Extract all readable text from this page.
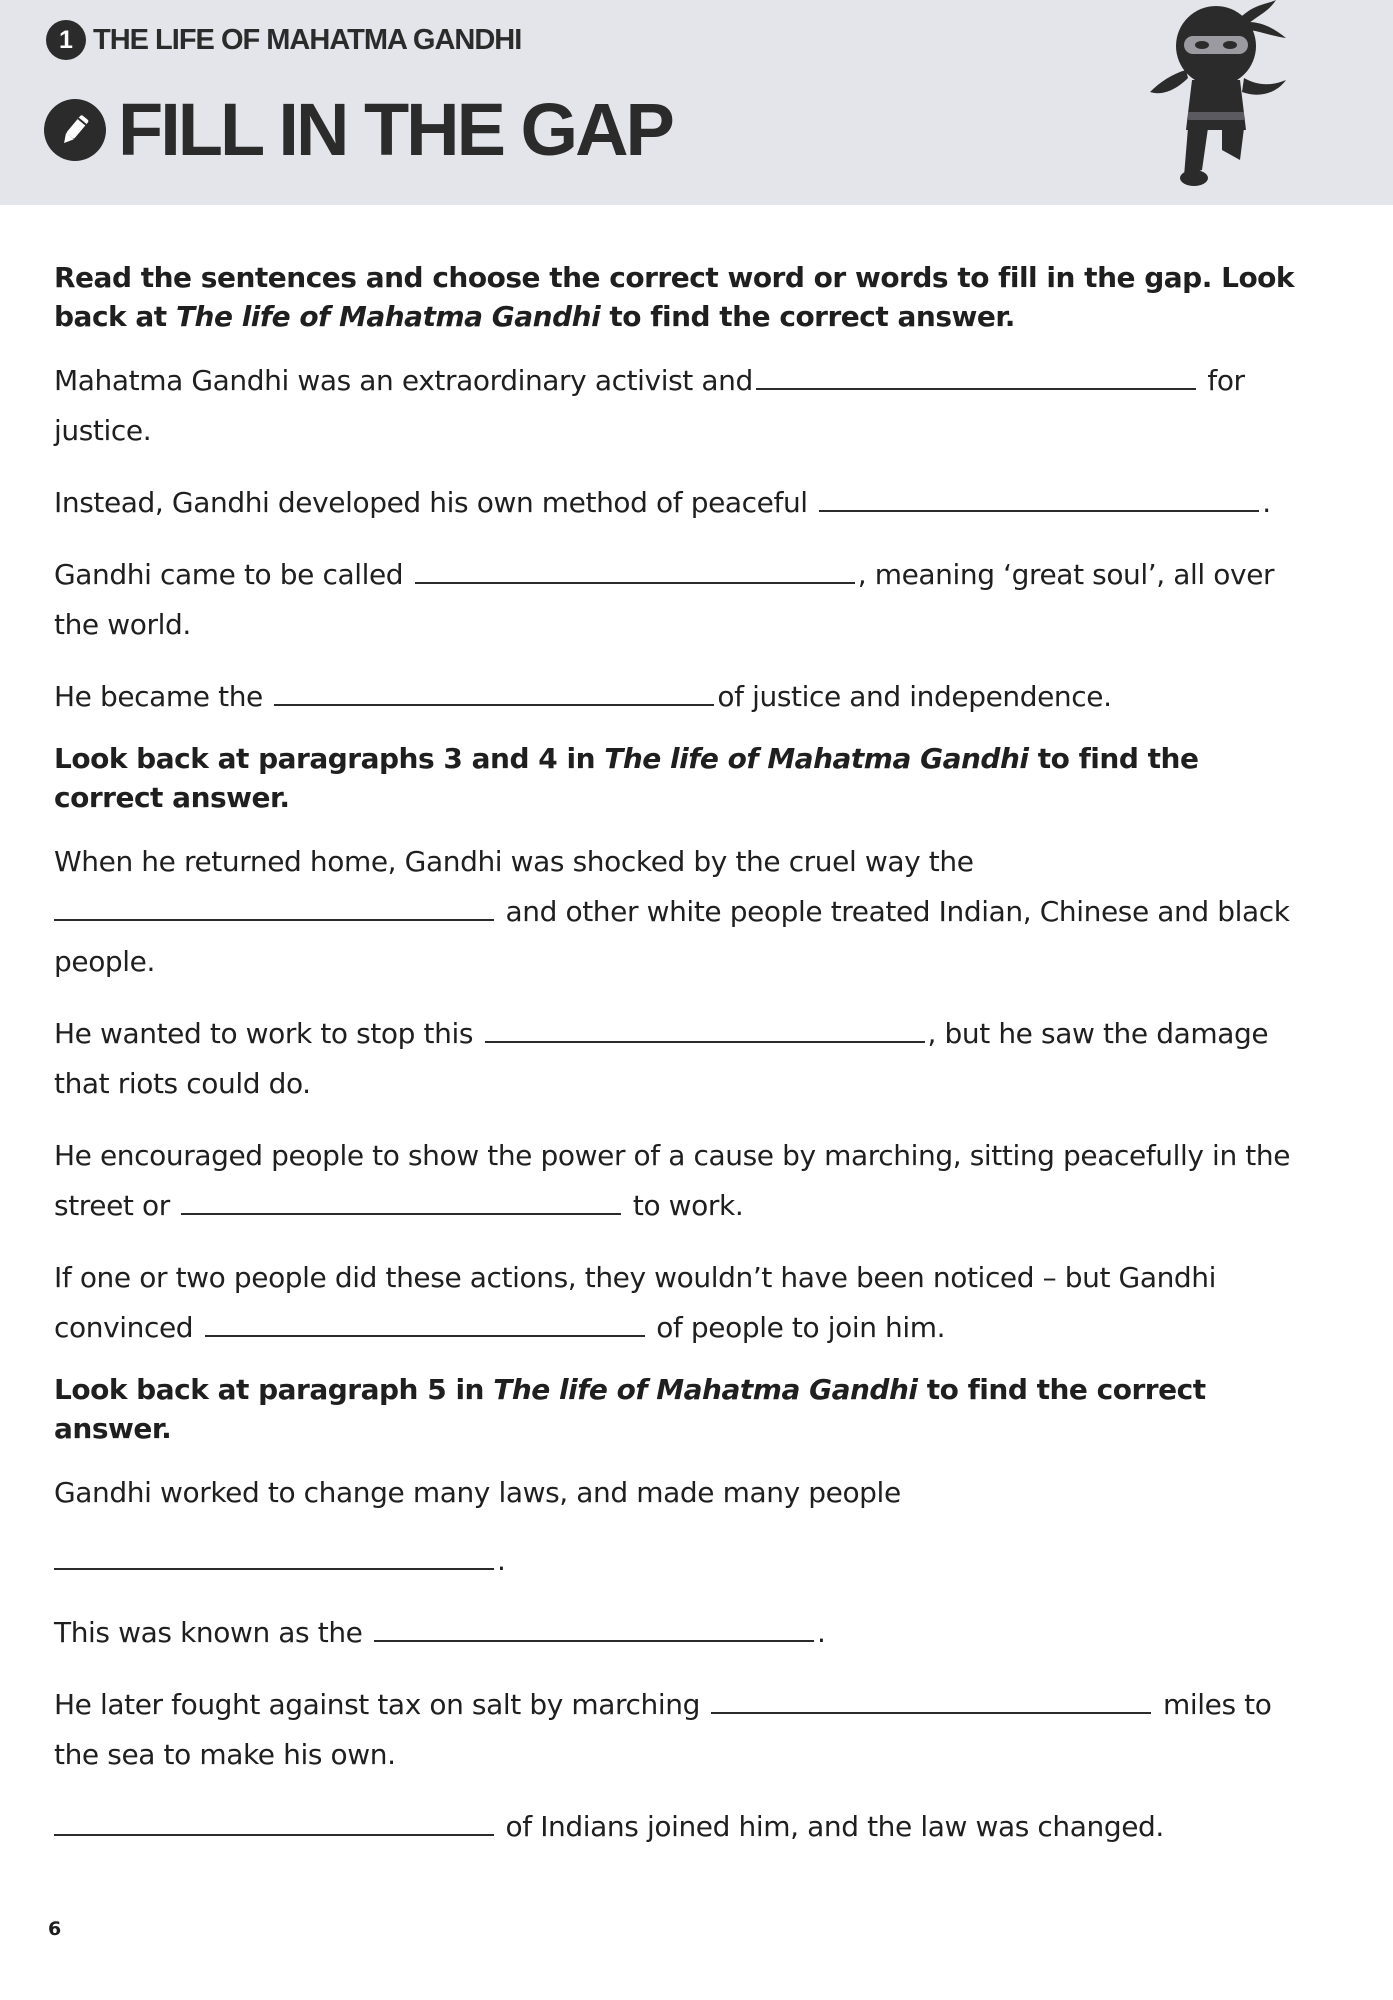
1 THE LIFE OF MAHATMA GANDHI
FILL IN THE GAP

Read the sentences and choose the correct word or words to fill in the gap. Look back at The life of Mahatma Gandhi to find the correct answer.

Mahatma Gandhi was an extraordinary activist and	for justice.

Instead, Gandhi developed his own method of peaceful	.

Gandhi came to be called	, meaning ‘great soul’, all over the world.

He became the	of justice and independence.

Look back at paragraphs 3 and 4 in The life of Mahatma Gandhi to find the correct answer.

When he returned home, Gandhi was shocked by the cruel way the
and other white people treated Indian, Chinese and black people.

He wanted to work to stop this	, but he saw the damage that riots could do.

He encouraged people to show the power of a cause by marching, sitting peacefully in the street or	to work.

If one or two people did these actions, they wouldn’t have been noticed – but Gandhi convinced	of people to join him.

Look back at paragraph 5 in The life of Mahatma Gandhi to find the correct answer.

Gandhi worked to change many laws, and made many people
.

This was known as the	.

He later fought against tax on salt by marching	miles to the sea to make his own.

of Indians joined him, and the law was changed.

6
